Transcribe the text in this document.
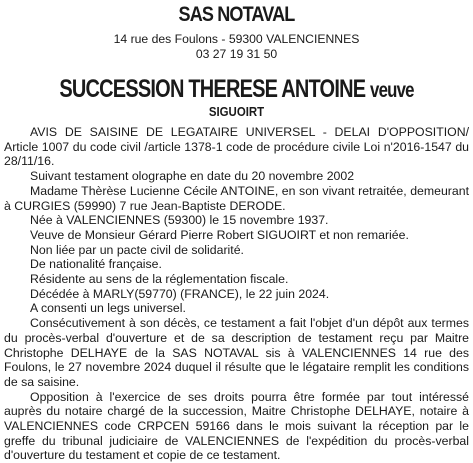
SAS NOTAVAL
14 rue des Foulons - 59300 VALENCIENNES
03 27 19 31 50
SUCCESSION THERESE ANTOINE veuve
SIGUOIRT

AVIS DE SAISINE DE LEGATAIRE UNIVERSEL - DELAI D'OPPOSITION/ Article 1007 du code civil /article 1378-1 code de procédure civile Loi n'2016-1547 du 28/11/16.

Suivant testament olographe en date du 20 novembre 2002

Madame Thèrèse Lucienne Cécile ANTOINE, en son vivant retraitée, demeurant à CURGIES (59990) 7 rue Jean-Baptiste DERODE.

Née à VALENCIENNES (59300) le 15 novembre 1937.

Veuve de Monsieur Gérard Pierre Robert SIGUOIRT et non remariée.

Non liée par un pacte civil de solidarité.

De nationalité française.

Résidente au sens de la réglementation fiscale.

Décédée à MARLY(59770) (FRANCE), le 22 juin 2024.

A consenti un legs universel.

Consécutivement à son décès, ce testament a fait l'objet d'un dépôt aux termes du procès-verbal d'ouverture et de sa description de testament reçu par Maitre Christophe DELHAYE de la SAS NOTAVAL sis à VALENCIENNES 14 rue des Foulons, le 27 novembre 2024 duquel il résulte que le légataire remplit les conditions de sa saisine.

Opposition à l'exercice de ses droits pourra être formée par tout intéressé auprès du notaire chargé de la succession, Maitre Christophe DELHAYE, notaire à VALENCIENNES code CRPCEN 59166 dans le mois suivant la réception par le greffe du tribunal judiciaire de VALENCIENNES de l'expédition du procès-verbal d'ouverture du testament et copie de ce testament.
